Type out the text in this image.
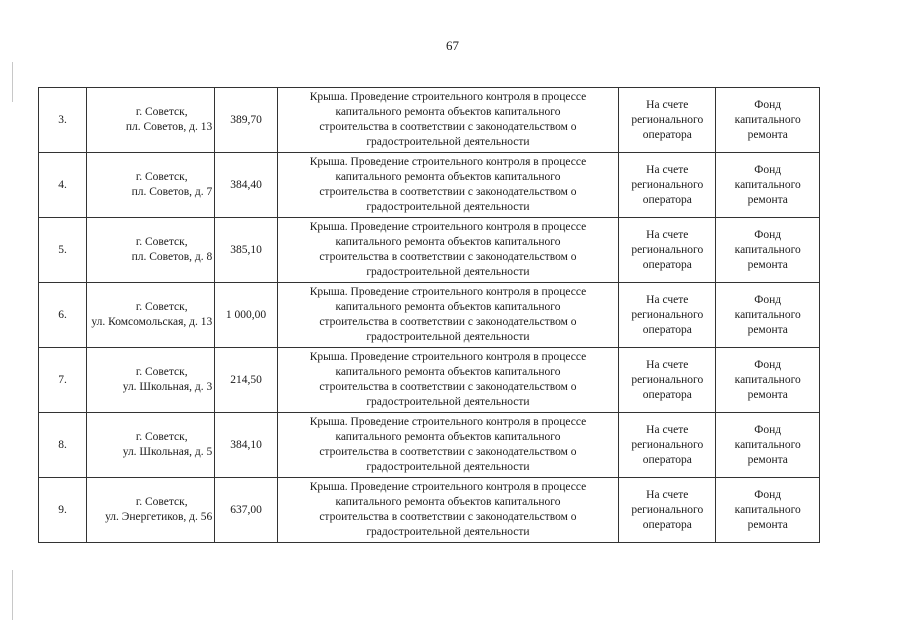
67
3.	г. Советск,
пл. Советов, д. 13	389,70	Крыша. Проведение строительного контроля в процессе
капитального ремонта объектов капитального
строительства в соответствии с законодательством о
градостроительной деятельности	На счете
регионального
оператора	Фонд
капитального
ремонта

4.	г. Советск,
пл. Советов, д. 7	384,40	Крыша. Проведение строительного контроля в процессе
капитального ремонта объектов капитального
строительства в соответствии с законодательством о
градостроительной деятельности	На счете
регионального
оператора	Фонд
капитального
ремонта

5.	г. Советск,
пл. Советов, д. 8	385,10	Крыша. Проведение строительного контроля в процессе
капитального ремонта объектов капитального
строительства в соответствии с законодательством о
градостроительной деятельности	На счете
регионального
оператора	Фонд
капитального
ремонта

6.	г. Советск,
ул. Комсомольская, д. 13	1 000,00	Крыша. Проведение строительного контроля в процессе
капитального ремонта объектов капитального
строительства в соответствии с законодательством о
градостроительной деятельности	На счете
регионального
оператора	Фонд
капитального
ремонта

7.	г. Советск,
ул. Школьная, д. 3	214,50	Крыша. Проведение строительного контроля в процессе
капитального ремонта объектов капитального
строительства в соответствии с законодательством о
градостроительной деятельности	На счете
регионального
оператора	Фонд
капитального
ремонта

8.	г. Советск,
ул. Школьная, д. 5	384,10	Крыша. Проведение строительного контроля в процессе
капитального ремонта объектов капитального
строительства в соответствии с законодательством о
градостроительной деятельности	На счете
регионального
оператора	Фонд
капитального
ремонта

9.	г. Советск,
ул. Энергетиков, д. 56	637,00	Крыша. Проведение строительного контроля в процессе
капитального ремонта объектов капитального
строительства в соответствии с законодательством о
градостроительной деятельности	На счете
регионального
оператора	Фонд
капитального
ремонта
